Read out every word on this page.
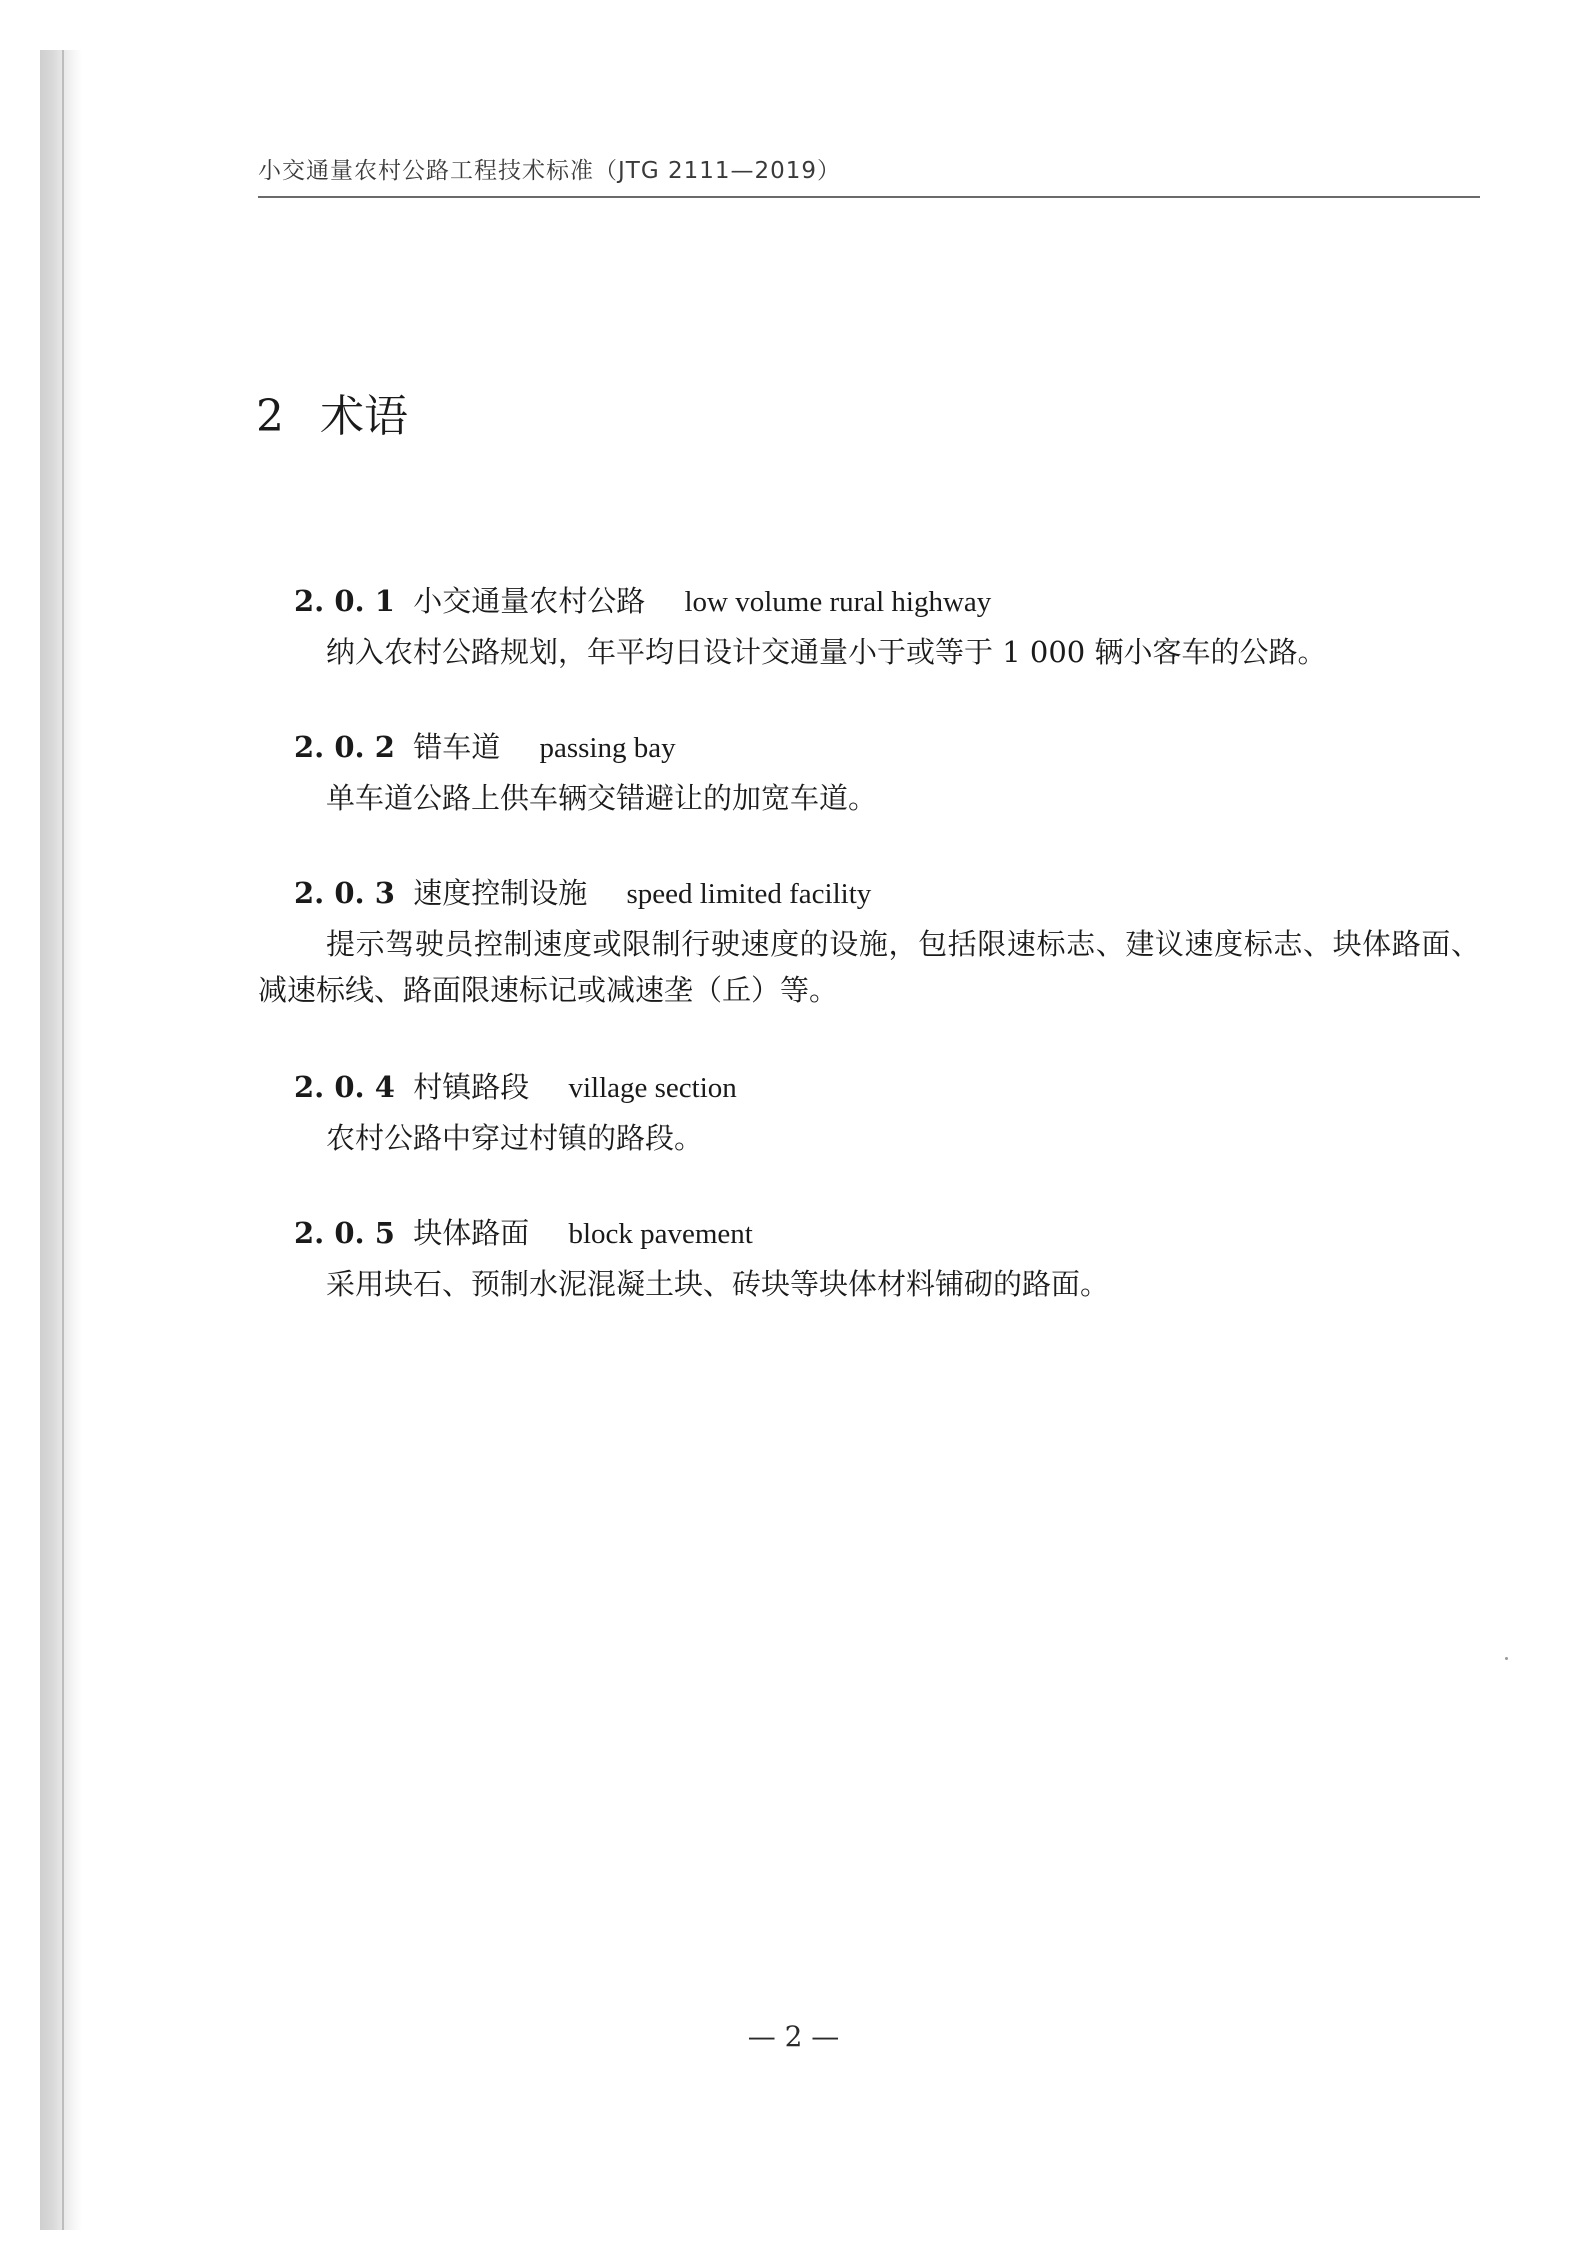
小交通量农村公路工程技术标准（JTG 2111—2019）
2 术语
2. 0. 1 小交通量农村公路 low volume rural highway
纳入农村公路规划，年平均日设计交通量小于或等于 1 000 辆小客车的公路。
2. 0. 2 错车道 passing bay
单车道公路上供车辆交错避让的加宽车道。
2. 0. 3 速度控制设施 speed limited facility
提示驾驶员控制速度或限制行驶速度的设施，包括限速标志、建议速度标志、块体路面、减速标线、路面限速标记或减速垄（丘）等。
2. 0. 4 村镇路段 village section
农村公路中穿过村镇的路段。
2. 0. 5 块体路面 block pavement
采用块石、预制水泥混凝土块、砖块等块体材料铺砌的路面。
— 2 —
